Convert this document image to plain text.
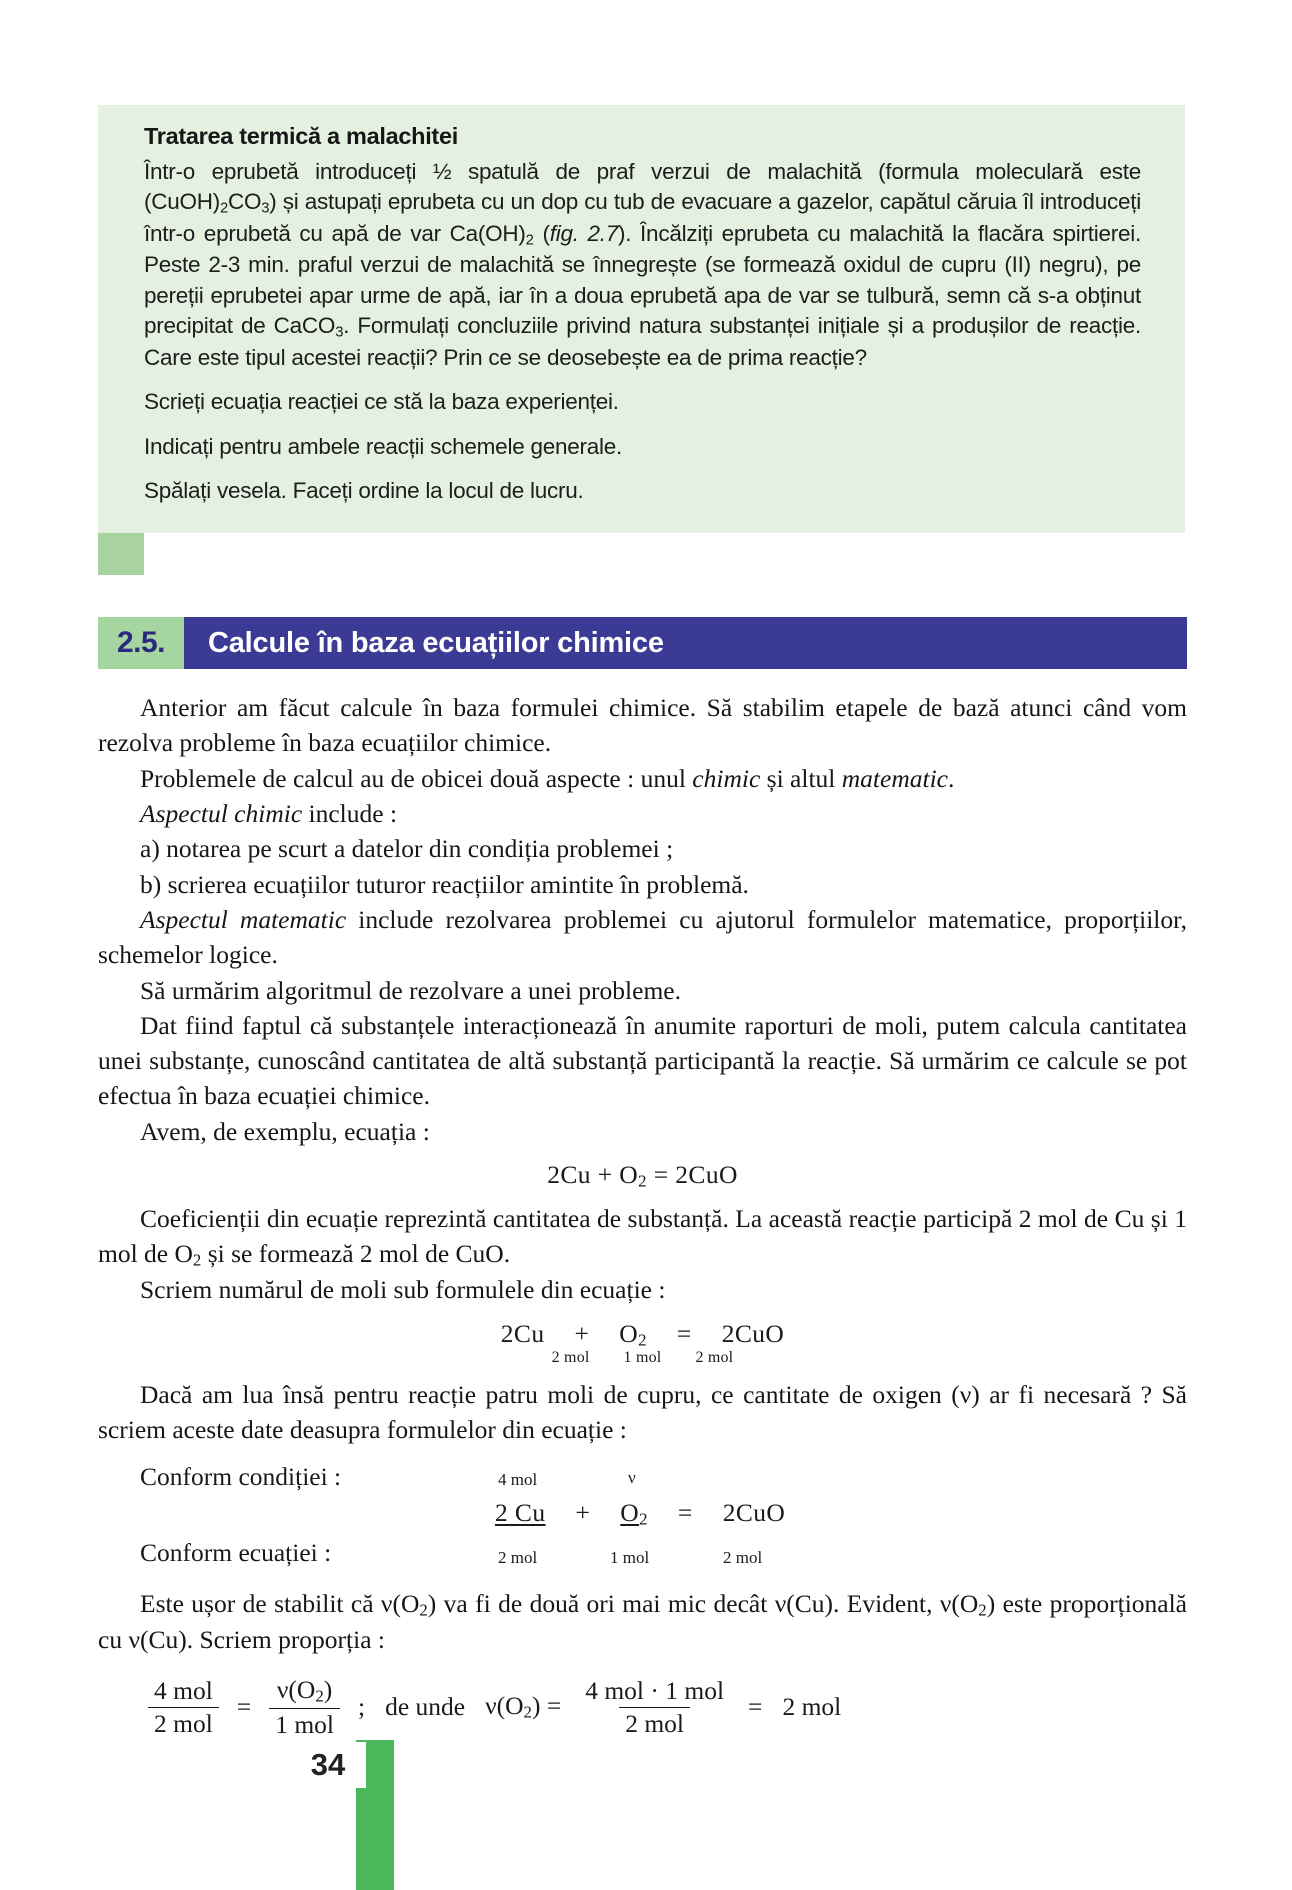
Tratarea termică a malachitei

Într-o eprubetă introduceți ½ spatulă de praf verzui de malachită (formula moleculară este $(CuOH)_2CO_3$) și astupați eprubeta cu un dop cu tub de evacuare a gazelor, capătul căruia îl introduceți într-o eprubetă cu apă de var $Ca(OH)_2$ (fig. 2.7). Încălziți eprubeta cu malachită la flacăra spirtierei. Peste 2-3 min. praful verzui de malachită se înnegrește (se formează oxidul de cupru (II) negru), pe pereții eprubetei apar urme de apă, iar în a doua eprubetă apa de var se tulbură, semn că s-a obținut precipitat de CaCO$_3$. Formulați concluziile privind natura substanței inițiale și a produșilor de reacție. Care este tipul acestei reacții? Prin ce se deosebește ea de prima reacție?

Scrieți ecuația reacției ce stă la baza experienței.

Indicați pentru ambele reacții schemele generale.

Spălați vesela. Faceți ordine la locul de lucru.

2.5.	Calcule în baza ecuațiilor chimice

Anterior am făcut calcule în baza formulei chimice. Să stabilim etapele de bază atunci când vom rezolva probleme în baza ecuațiilor chimice.

Problemele de calcul au de obicei două aspecte : unul chimic și altul matematic.

Aspectul chimic include :

a) notarea pe scurt a datelor din condiția problemei ;

b) scrierea ecuațiilor tuturor reacțiilor amintite în problemă.

Aspectul matematic include rezolvarea problemei cu ajutorul formulelor matematice, proporțiilor, schemelor logice.

Să urmărim algoritmul de rezolvare a unei probleme.

Dat fiind faptul că substanțele interacționează în anumite raporturi de moli, putem calcula cantitatea unei substanțe, cunoscând cantitatea de altă substanță participantă la reacție. Să urmărim ce calcule se pot efectua în baza ecuației chimice.

Avem, de exemplu, ecuația :

$2Cu + O_2 = 2CuO$

Coeficienții din ecuație reprezintă cantitatea de substanță. La această reacție participă 2 mol de Cu și 1 mol de $O_2$ și se formează 2 mol de CuO.

Scriem numărul de moli sub formulele din ecuație :

$2Cu + O_2 = 2CuO$
2 mol 1 mol 2 mol

Dacă am lua însă pentru reacție patru moli de cupru, ce cantitate de oxigen (ν) ar fi necesară ? Să scriem aceste date deasupra formulelor din ecuație :

Conform condiției :	4 mol	ν
2 $Cu + O_2 = 2CuO$
Conform ecuației :	2 mol	1 mol	2 mol

Este ușor de stabilit că $\nu(O_2)$ va fi de două ori mai mic decât ν(Cu). Evident, $\nu(O_2)$ este proporțională cu ν(Cu). Scriem proporția :

$\frac{\text{4 mol}}{\text{2 mol}} = \frac{\nu(O_2)}{\text{1 mol}}$ ; de unde $\nu(O_2) = \frac{\text{4 mol · 1 mol}}{\text{2 mol}} = 2$ mol
34
